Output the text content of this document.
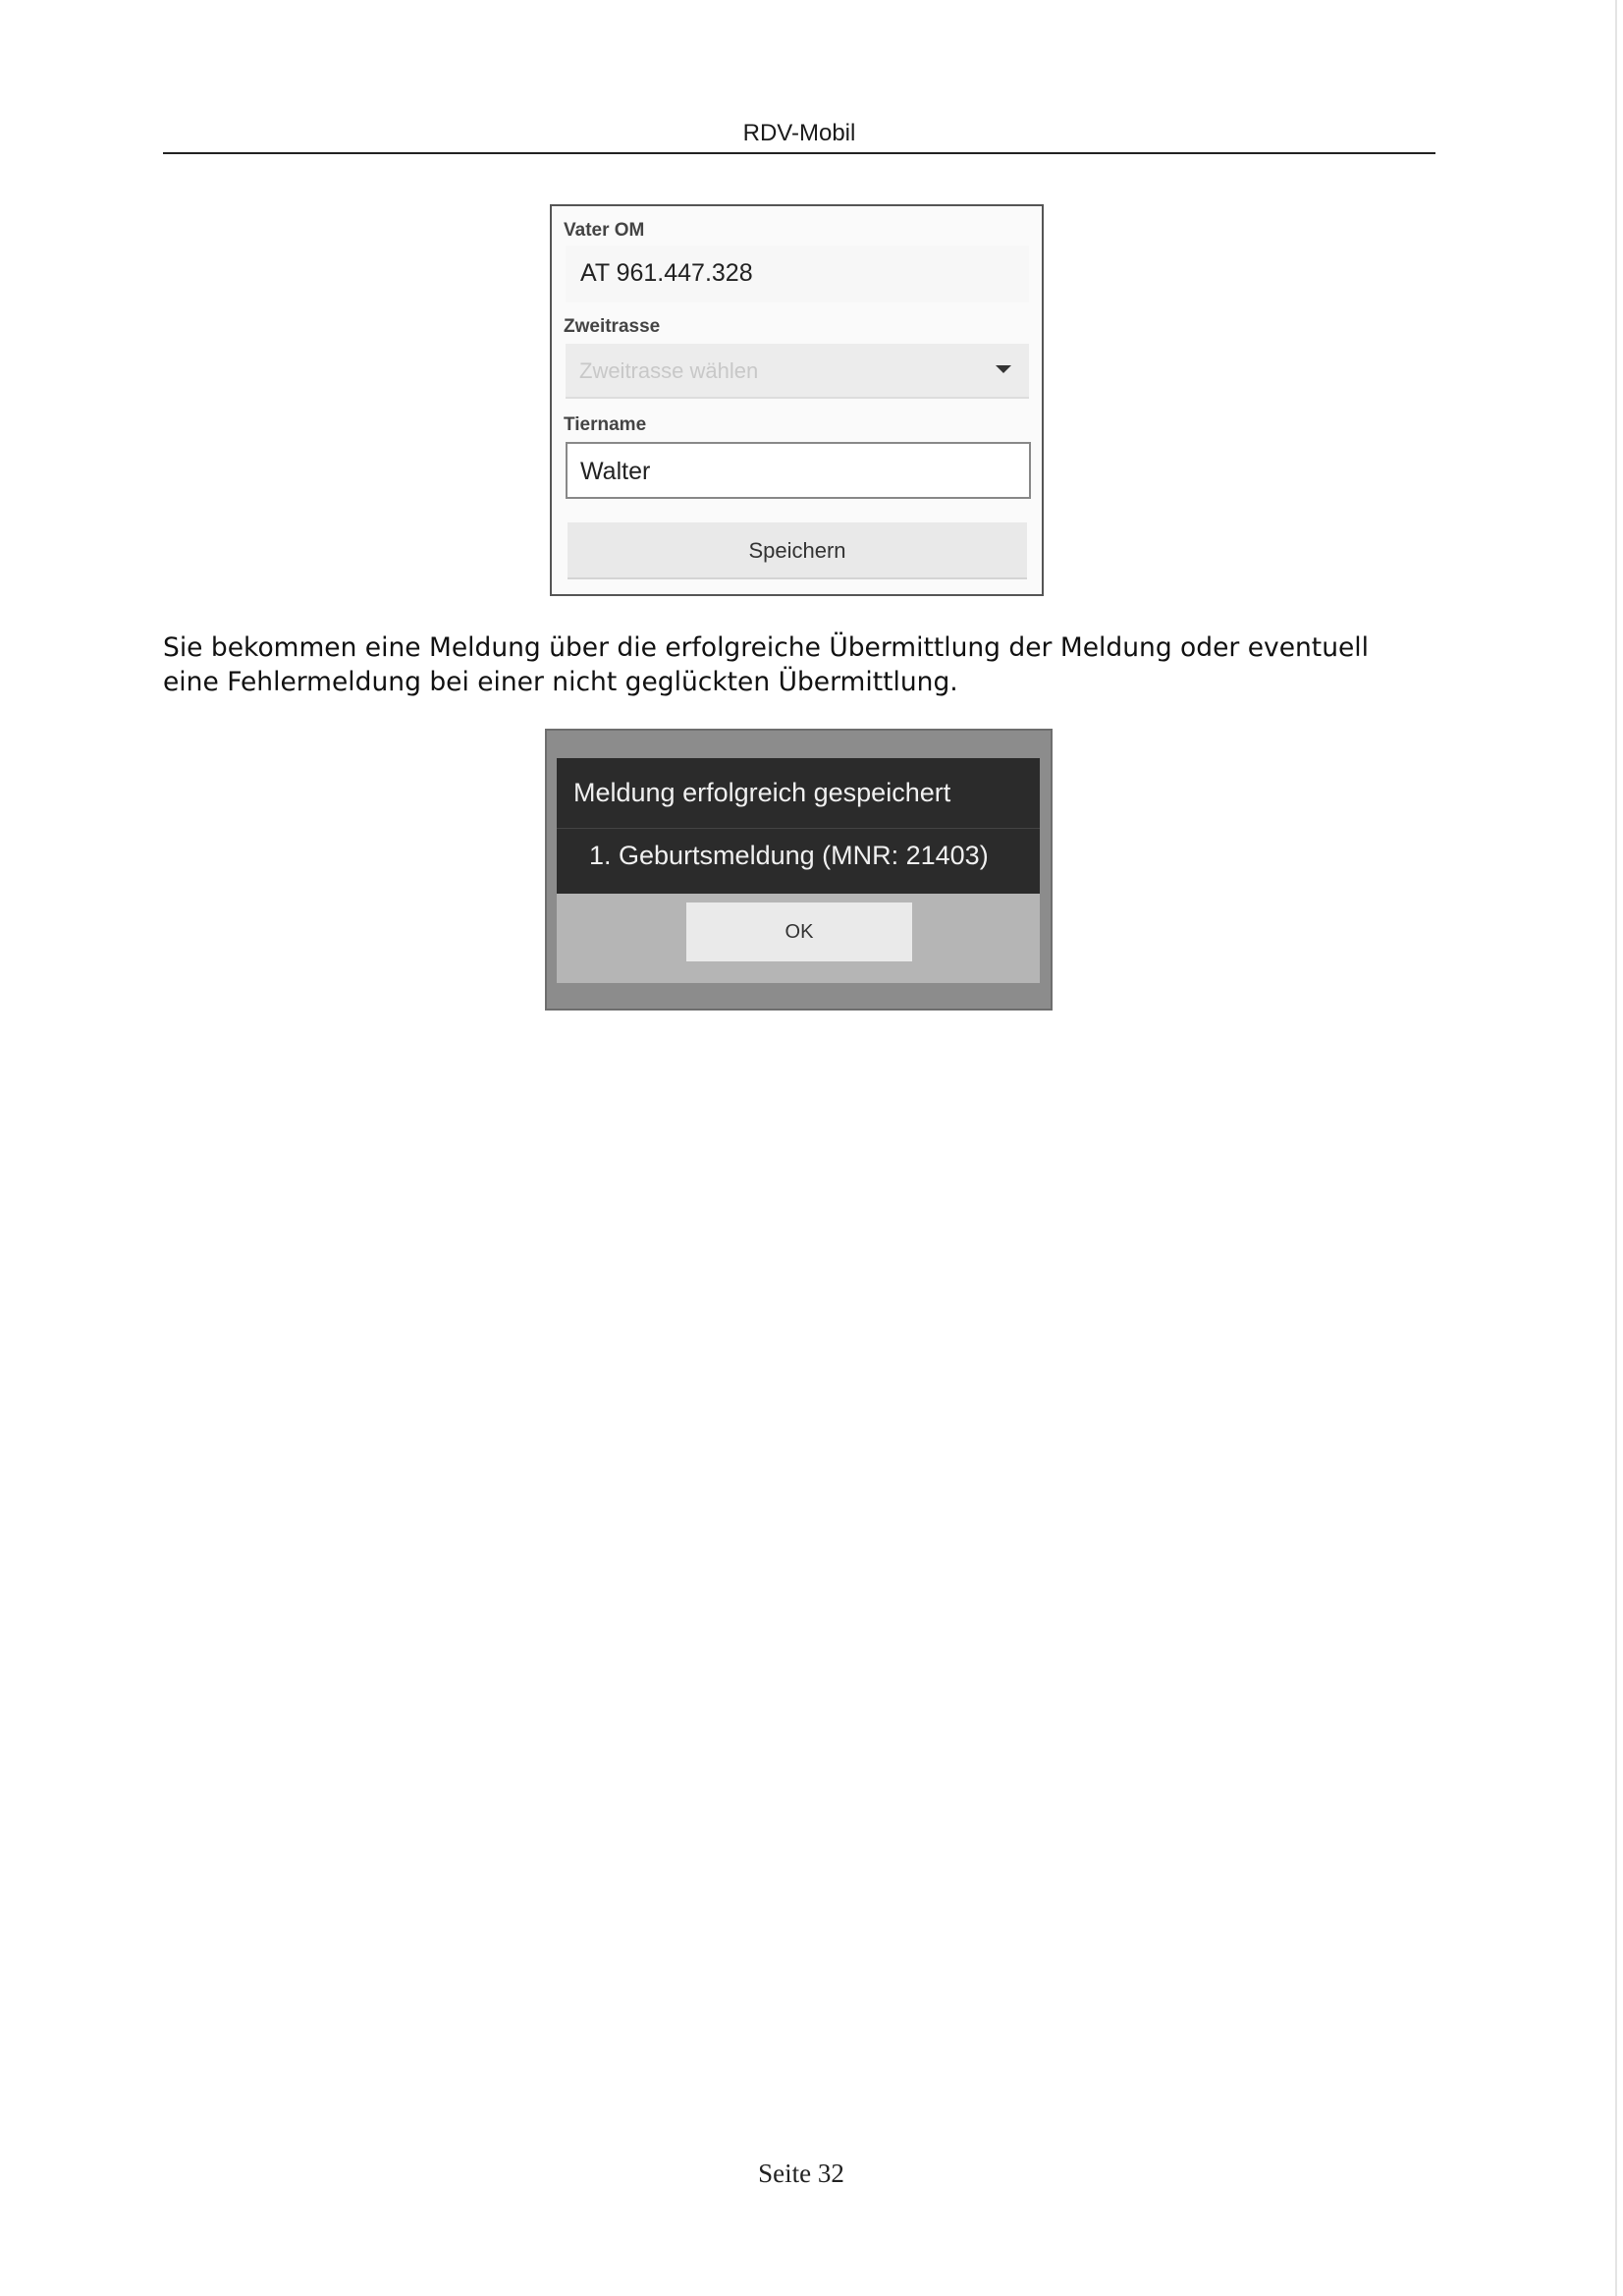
RDV-Mobil
Vater OM
AT 961.447.328
Zweitrasse
Zweitrasse wählen
Tiername
Walter
Speichern
Sie bekommen eine Meldung über die erfolgreiche Übermittlung der Meldung oder eventuell eine Fehlermeldung bei einer nicht geglückten Übermittlung.
Meldung erfolgreich gespeichert
1. Geburtsmeldung (MNR: 21403)
OK
Seite 32
